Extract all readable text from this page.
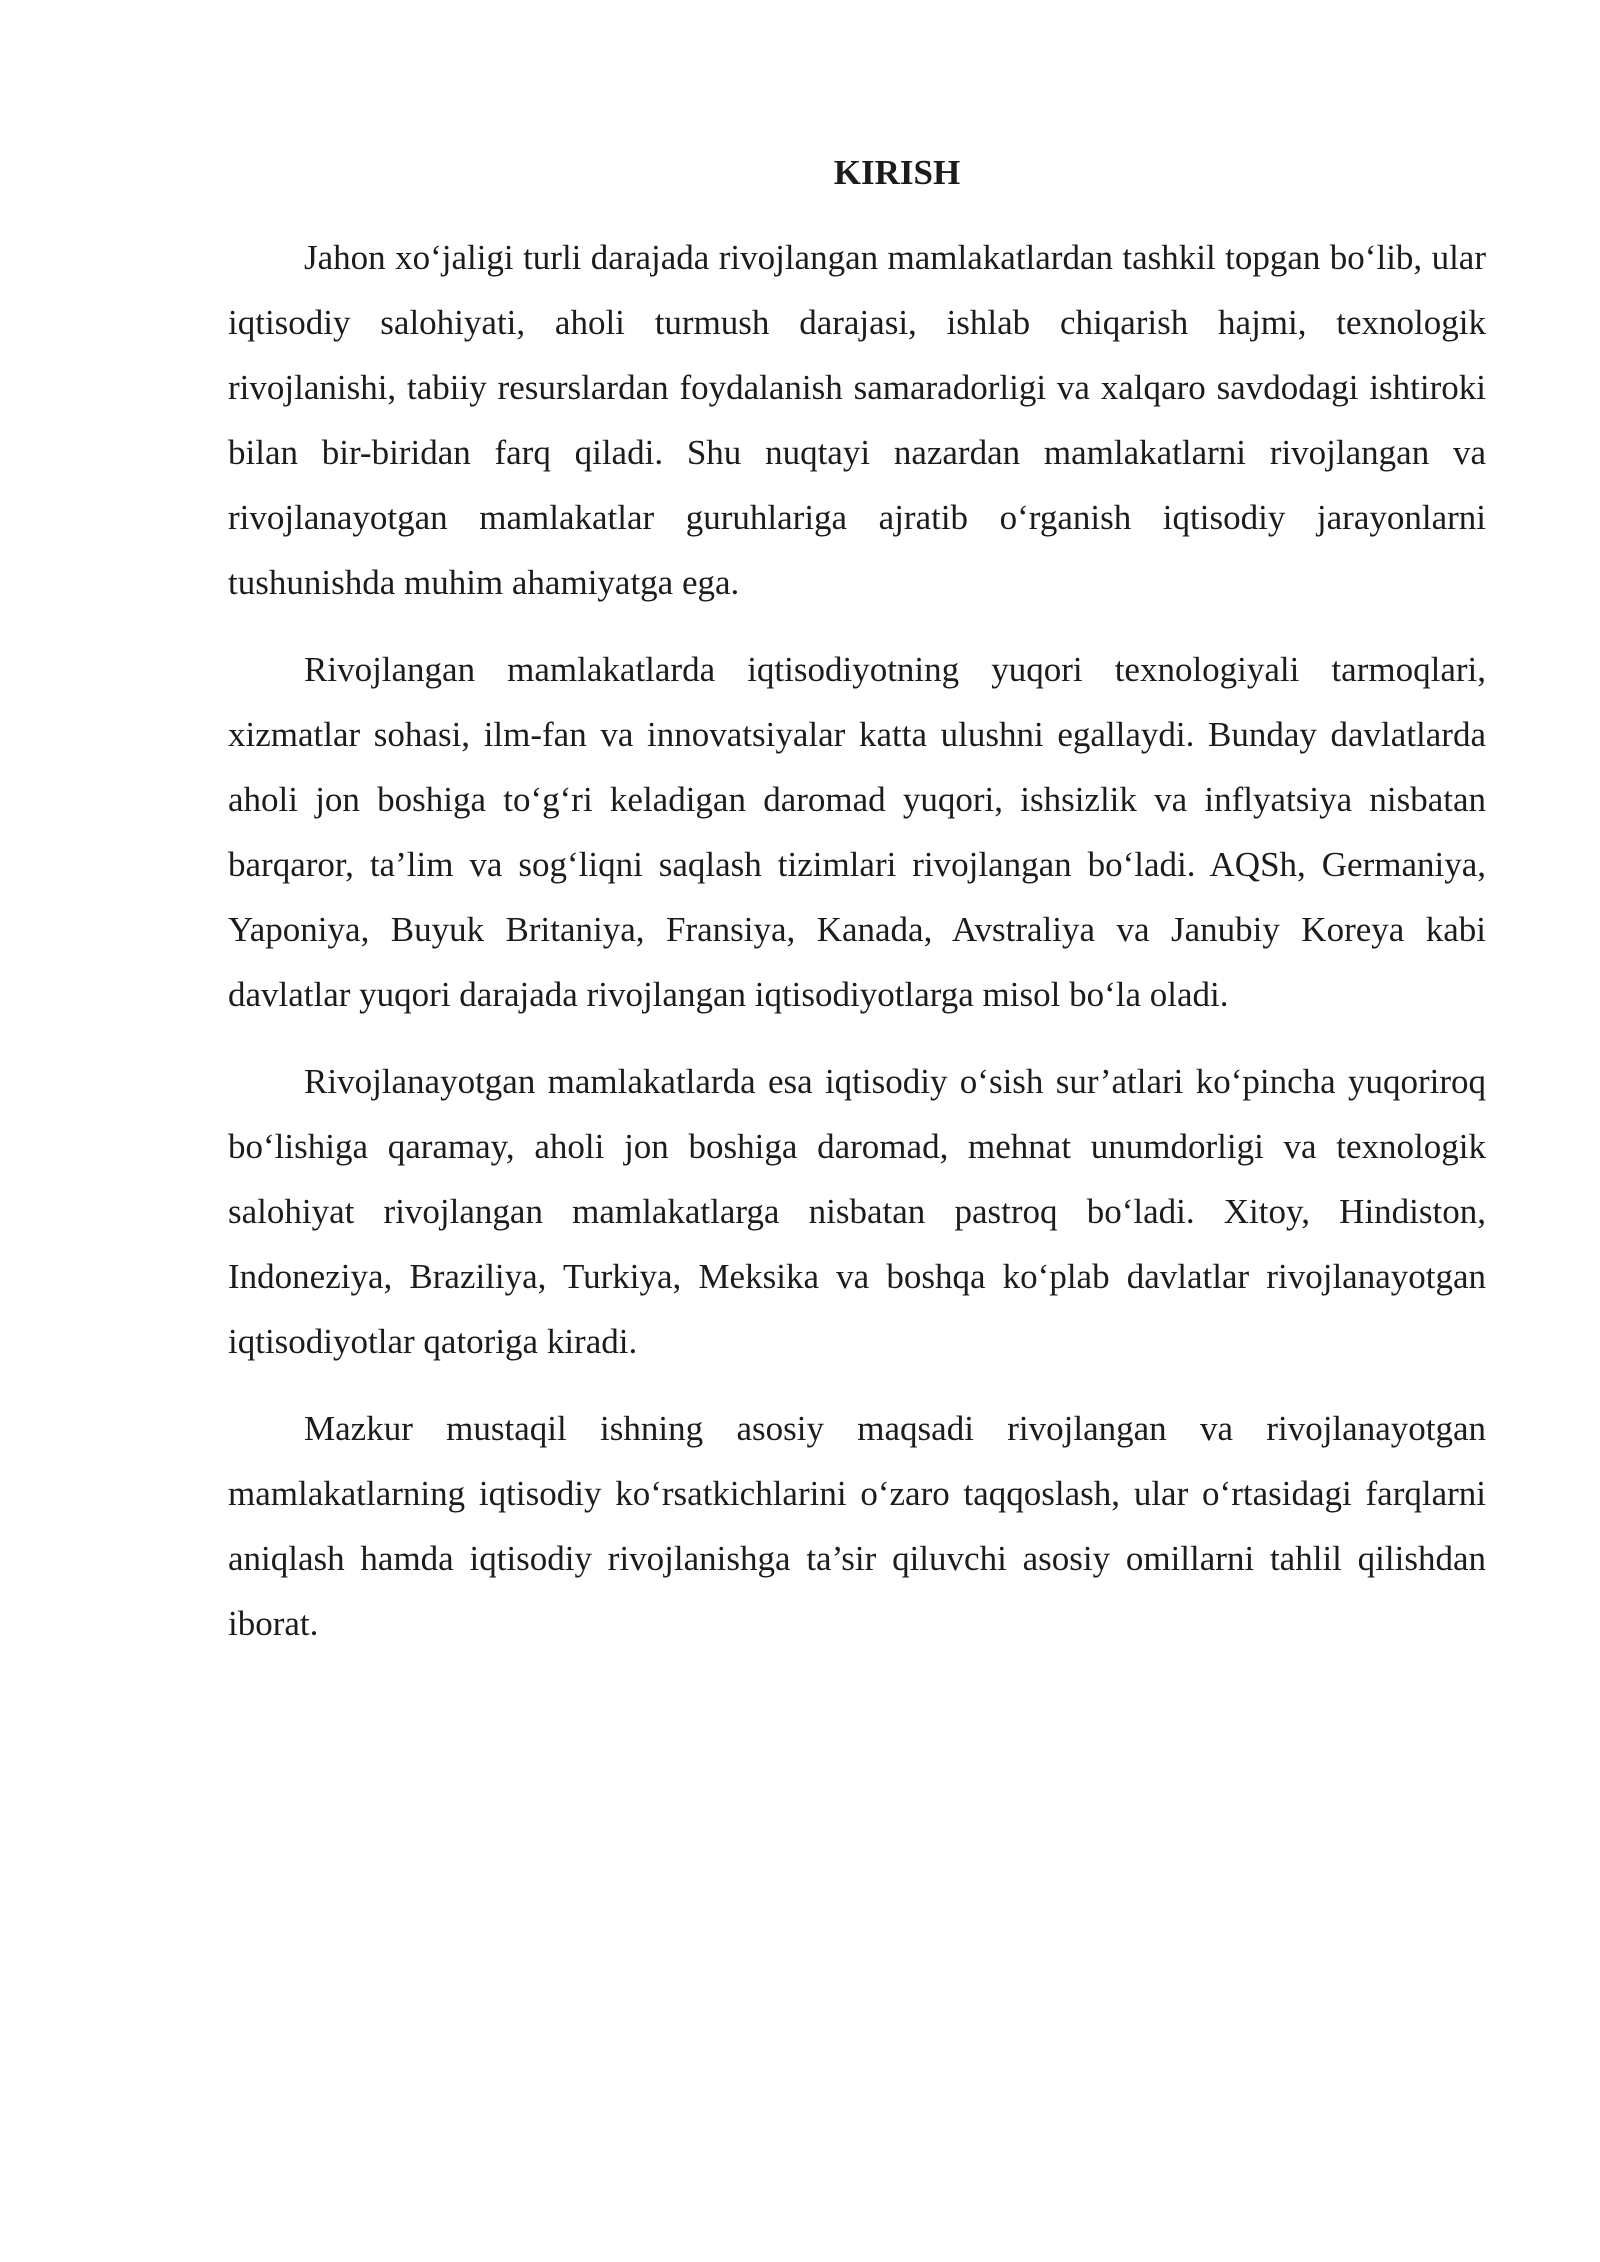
KIRISH

Jahon xo‘jaligi turli darajada rivojlangan mamlakatlardan tashkil topgan bo‘lib, ular iqtisodiy salohiyati, aholi turmush darajasi, ishlab chiqarish hajmi, texnologik rivojlanishi, tabiiy resurslardan foydalanish samaradorligi va xalqaro savdodagi ishtiroki bilan bir-biridan farq qiladi. Shu nuqtayi nazardan mamlakatlarni rivojlangan va rivojlanayotgan mamlakatlar guruhlariga ajratib o‘rganish iqtisodiy jarayonlarni tushunishda muhim ahamiyatga ega.

Rivojlangan mamlakatlarda iqtisodiyotning yuqori texnologiyali tarmoqlari, xizmatlar sohasi, ilm-fan va innovatsiyalar katta ulushni egallaydi. Bunday davlatlarda aholi jon boshiga to‘g‘ri keladigan daromad yuqori, ishsizlik va inflyatsiya nisbatan barqaror, ta’lim va sog‘liqni saqlash tizimlari rivojlangan bo‘ladi. AQSh, Germaniya, Yaponiya, Buyuk Britaniya, Fransiya, Kanada, Avstraliya va Janubiy Koreya kabi davlatlar yuqori darajada rivojlangan iqtisodiyotlarga misol bo‘la oladi.

Rivojlanayotgan mamlakatlarda esa iqtisodiy o‘sish sur’atlari ko‘pincha yuqoriroq bo‘lishiga qaramay, aholi jon boshiga daromad, mehnat unumdorligi va texnologik salohiyat rivojlangan mamlakatlarga nisbatan pastroq bo‘ladi. Xitoy, Hindiston, Indoneziya, Braziliya, Turkiya, Meksika va boshqa ko‘plab davlatlar rivojlanayotgan iqtisodiyotlar qatoriga kiradi.

Mazkur mustaqil ishning asosiy maqsadi rivojlangan va rivojlanayotgan mamlakatlarning iqtisodiy ko‘rsatkichlarini o‘zaro taqqoslash, ular o‘rtasidagi farqlarni aniqlash hamda iqtisodiy rivojlanishga ta’sir qiluvchi asosiy omillarni tahlil qilishdan iborat.
